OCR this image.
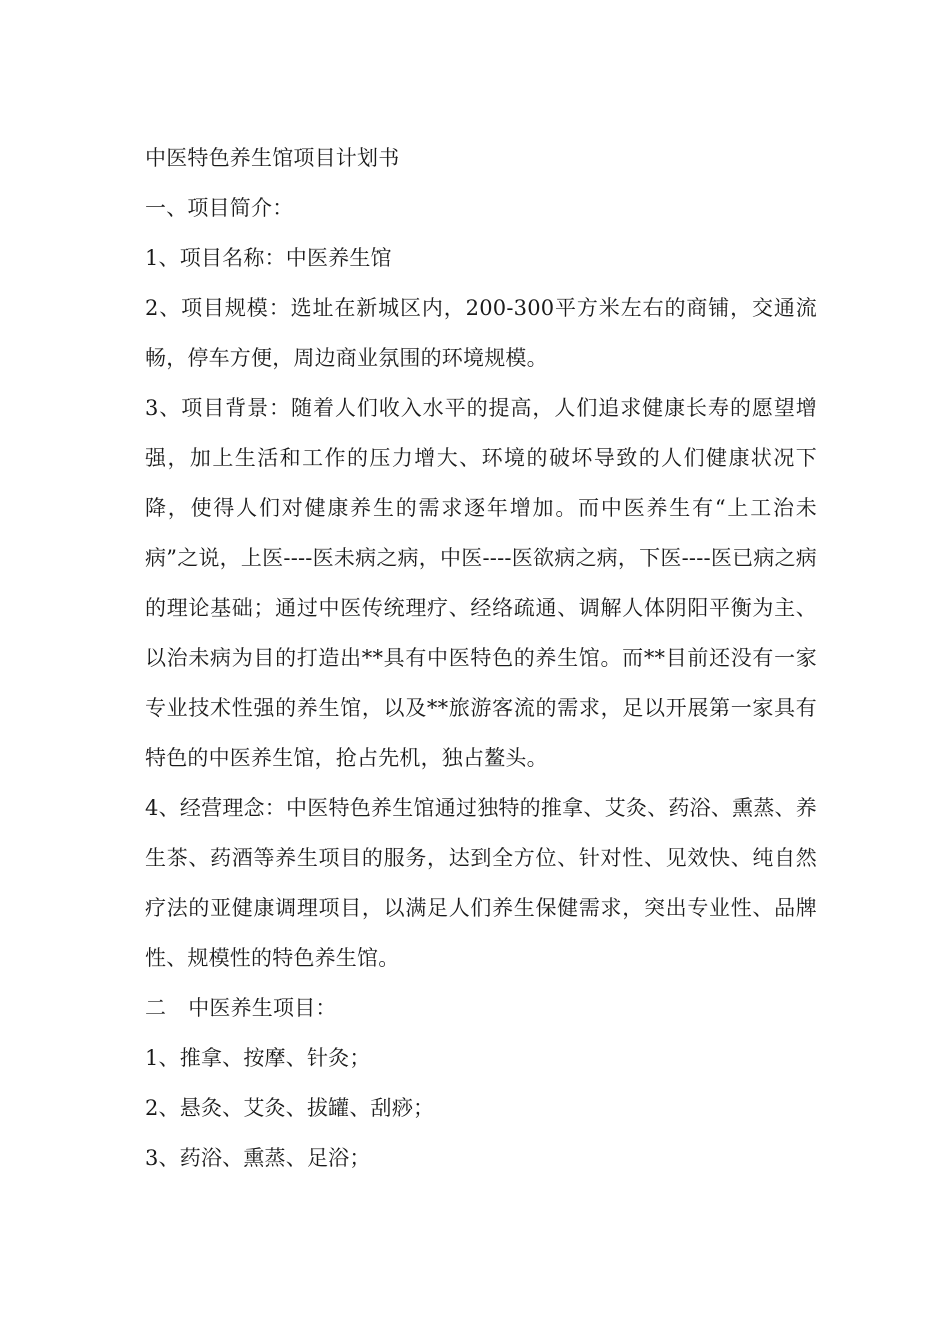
中医特色养生馆项目计划书

一、项目简介：

1、项目名称：中医养生馆

2、项目规模：选址在新城区内，200-300平方米左右的商铺，交通流畅，停车方便，周边商业氛围的环境规模。

3、项目背景：随着人们收入水平的提高，人们追求健康长寿的愿望增强，加上生活和工作的压力增大、环境的破坏导致的人们健康状况下降，使得人们对健康养生的需求逐年增加。而中医养生有“上工治未病”之说，上医----医未病之病，中医----医欲病之病，下医----医已病之病的理论基础；通过中医传统理疗、经络疏通、调解人体阴阳平衡为主、以治未病为目的打造出**具有中医特色的养生馆。而**目前还没有一家专业技术性强的养生馆，以及**旅游客流的需求，足以开展第一家具有特色的中医养生馆，抢占先机，独占鳌头。

4、经营理念：中医特色养生馆通过独特的推拿、艾灸、药浴、熏蒸、养生茶、药酒等养生项目的服务，达到全方位、针对性、见效快、纯自然疗法的亚健康调理项目，以满足人们养生保健需求，突出专业性、品牌性、规模性的特色养生馆。

二 中医养生项目：

1、推拿、按摩、针灸；

2、悬灸、艾灸、拔罐、刮痧；

3、药浴、熏蒸、足浴；
